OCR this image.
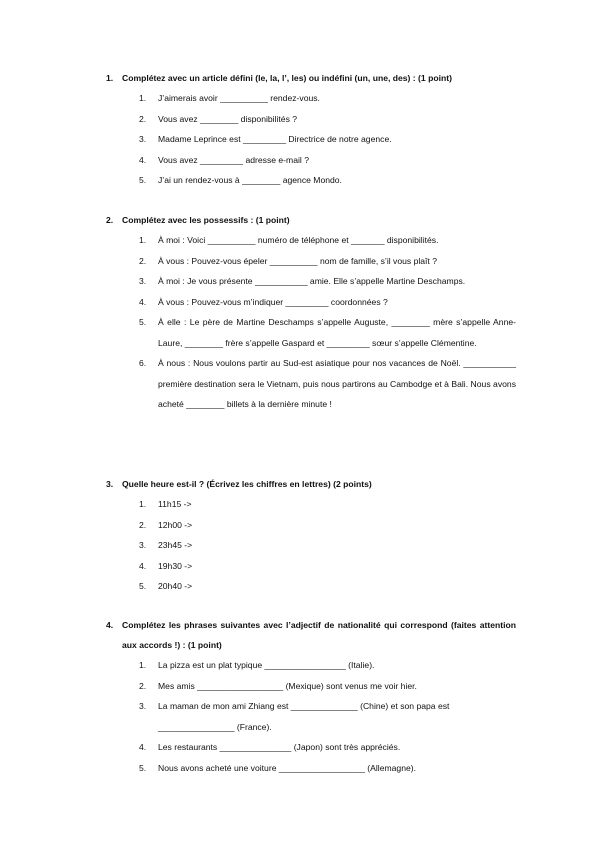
1. Complétez avec un article défini (le, la, l’, les) ou indéfini (un, une, des) : (1 point)
1. J’aimerais avoir __________ rendez-vous.
2. Vous avez ________ disponibilités ?
3. Madame Leprince est _________ Directrice de notre agence.
4. Vous avez _________ adresse e-mail ?
5. J’ai un rendez-vous à ________ agence Mondo.
2. Complétez avec les possessifs : (1 point)
1. À moi : Voici __________ numéro de téléphone et _______ disponibilités.
2. À vous : Pouvez-vous épeler __________ nom de famille, s’il vous plaît ?
3. À moi : Je vous présente ___________ amie. Elle s’appelle Martine Deschamps.
4. À vous : Pouvez-vous m’indiquer _________ coordonnées ?
5. À elle : Le père de Martine Deschamps s’appelle Auguste, ________ mère s’appelle Anne-Laure, ________ frère s’appelle Gaspard et _________ sœur s’appelle Clémentine.
6. À nous : Nous voulons partir au Sud-est asiatique pour nos vacances de Noël. ___________ première destination sera le Vietnam, puis nous partirons au Cambodge et à Bali. Nous avons acheté ________ billets à la dernière minute !
3. Quelle heure est-il ? (Écrivez les chiffres en lettres) (2 points)
1. 11h15 ->
2. 12h00 ->
3. 23h45 ->
4. 19h30 ->
5. 20h40 ->
4. Complétez les phrases suivantes avec l’adjectif de nationalité qui correspond (faites attention aux accords !) : (1 point)
1. La pizza est un plat typique _________________ (Italie).
2. Mes amis __________________ (Mexique) sont venus me voir hier.
3. La maman de mon ami Zhiang est ______________ (Chine) et son papa est ________________ (France).
4. Les restaurants _______________ (Japon) sont très appréciés.
5. Nous avons acheté une voiture __________________ (Allemagne).
